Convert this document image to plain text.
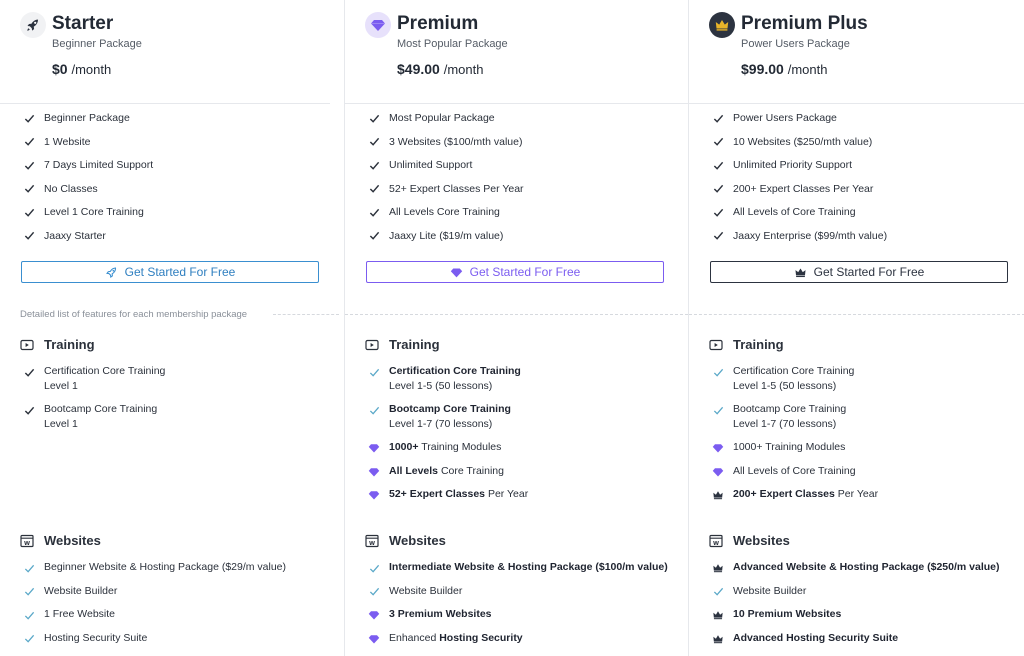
Starter
Beginner Package
$0 /month
Beginner Package
1 Website
7 Days Limited Support
No Classes
Level 1 Core Training
Jaaxy Starter
Get Started For Free
Detailed list of features for each membership package
Training
Certification Core Training
Level 1
Bootcamp Core Training
Level 1
W Websites
Beginner Website & Hosting Package ($29/m value)
Website Builder
1 Free Website
Hosting Security Suite
Premium
Most Popular Package
$49.00 /month
Most Popular Package
3 Websites ($100/mth value)
Unlimited Support
52+ Expert Classes Per Year
All Levels Core Training
Jaaxy Lite ($19/m value)
Get Started For Free
Training
Certification Core Training
Level 1-5 (50 lessons)
Bootcamp Core Training
Level 1-7 (70 lessons)
1000+ Training Modules
All Levels Core Training
52+ Expert Classes Per Year
W Websites
Intermediate Website & Hosting Package ($100/m value)
Website Builder
3 Premium Websites
Enhanced Hosting Security
Premium Plus
Power Users Package
$99.00 /month
Power Users Package
10 Websites ($250/mth value)
Unlimited Priority Support
200+ Expert Classes Per Year
All Levels of Core Training
Jaaxy Enterprise ($99/mth value)
Get Started For Free
Training
Certification Core Training
Level 1-5 (50 lessons)
Bootcamp Core Training
Level 1-7 (70 lessons)
1000+ Training Modules
All Levels of Core Training
200+ Expert Classes Per Year
W Websites
Advanced Website & Hosting Package ($250/m value)
Website Builder
10 Premium Websites
Advanced Hosting Security Suite
